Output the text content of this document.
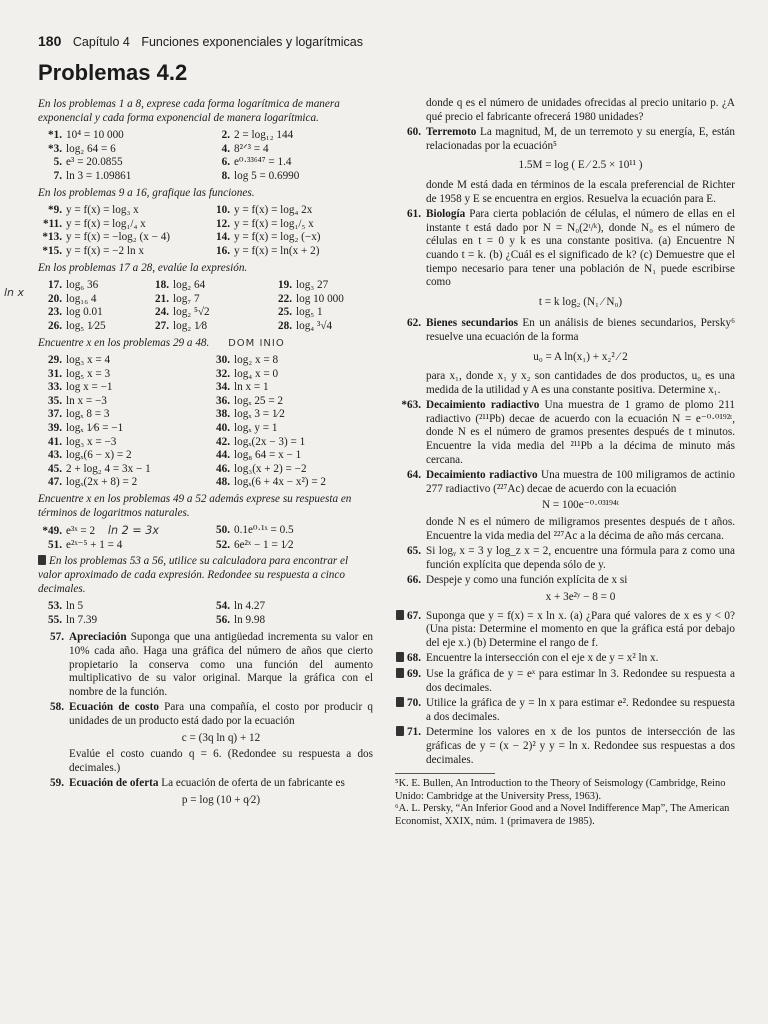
180 Capítulo 4 Funciones exponenciales y logarítmicas
Problemas 4.2
En los problemas 1 a 8, exprese cada forma logarítmica de manera exponencial y cada forma exponencial de manera logarítmica.
*1. 10⁴ = 10 000	2. 2 = log₁₂ 144
*3. log₂ 64 = 6	4. 8²ᐟ³ = 4
5. e³ = 20.0855	6. e⁰·³³⁶⁴⁷ = 1.4
7. ln 3 = 1.09861	8. log 5 = 0.6990
En los problemas 9 a 16, grafique las funciones.
*9. y = f(x) = log₃ x	10. y = f(x) = log₄ 2x
*11. y = f(x) = log₁/₄ x	12. y = f(x) = log₁/₅ x
*13. y = f(x) = −log₂ (x − 4)	14. y = f(x) = log₂ (−x)
*15. y = f(x) = −2 ln x	16. y = f(x) = ln(x + 2)
En los problemas 17 a 28, evalúe la expresión.
17. log₆ 36	18. log₂ 64	19. log₃ 27
20. log₁₆ 4	21. log₇ 7	22. log 10 000
23. log 0.01	24. log₂ ⁵√2	25. log₅ 1
26. log₅ 1⁄25	27. log₂ 1⁄8	28. log₄ ³√4
Encuentre x en los problemas 29 a 48. DOM INIO
29. log₃ x = 4	30. log₂ x = 8
31. log₅ x = 3	32. log₄ x = 0
33. log x = −1	34. ln x = 1
35. ln x = −3	36. logₓ 25 = 2
37. logₓ 8 = 3	38. logₓ 3 = 1⁄2
39. logₓ 1⁄6 = −1	40. logₓ y = 1
41. log₃ x = −3	42. logₓ(2x − 3) = 1
43. logₓ(6 − x) = 2	44. log₈ 64 = x − 1
45. 2 + log₂ 4 = 3x − 1	46. log₃(x + 2) = −2
47. logₓ(2x + 8) = 2	48. logₓ(6 + 4x − x²) = 2
Encuentre x en los problemas 49 a 52 además exprese su respuesta en términos de logaritmos naturales.
*49. e³ˣ = 2 ln 2 = 3x	50. 0.1e⁰·¹ˣ = 0.5
51. e²ˣ⁻⁵ + 1 = 4	52. 6e²ˣ − 1 = 1⁄2
En los problemas 53 a 56, utilice su calculadora para encontrar el valor aproximado de cada expresión. Redondee su respuesta a cinco decimales.
53. ln 5	54. ln 4.27
55. ln 7.39	56. ln 9.98
57. Apreciación Suponga que una antigüedad incrementa su valor en 10% cada año. Haga una gráfica del número de años que cierto propietario la conserva como una función del aumento multiplicativo de su valor original. Marque la gráfica con el nombre de la función.
58. Ecuación de costo Para una compañía, el costo por producir q unidades de un producto está dado por la ecuación
c = (3q ln q) + 12
Evalúe el costo cuando q = 6. (Redondee su respuesta a dos decimales.)
59. Ecuación de oferta La ecuación de oferta de un fabricante es
p = log (10 + q⁄2)
donde q es el número de unidades ofrecidas al precio unitario p. ¿A qué precio el fabricante ofrecerá 1980 unidades?
60. Terremoto La magnitud, M, de un terremoto y su energía, E, están relacionadas por la ecuación⁵
1.5M = log ( E ⁄ 2.5 × 10¹¹ )
donde M está dada en términos de la escala preferencial de Richter de 1958 y E se encuentra en ergios. Resuelva la ecuación para E.
61. Biología Para cierta población de células, el número de ellas en el instante t está dado por N = N₀(2ᵗ/ᵏ), donde N₀ es el número de células en t = 0 y k es una constante positiva. (a) Encuentre N cuando t = k. (b) ¿Cuál es el significado de k? (c) Demuestre que el tiempo necesario para tener una población de N₁ puede escribirse como
t = k log₂ (N₁ ⁄ N₀)
62. Bienes secundarios En un análisis de bienes secundarios, Persky⁶ resuelve una ecuación de la forma
u₀ = A ln(x₁) + x₂² ⁄ 2
para x₁, donde x₁ y x₂ son cantidades de dos productos, u₀ es una medida de la utilidad y A es una constante positiva. Determine x₁.
*63. Decaimiento radiactivo Una muestra de 1 gramo de plomo 211 radiactivo (²¹¹Pb) decae de acuerdo con la ecuación N = e⁻⁰·⁰¹⁹²ᵗ, donde N es el número de gramos presentes después de t minutos. Encuentre la vida media del ²¹¹Pb a la décima de minuto más cercana.
64. Decaimiento radiactivo Una muestra de 100 miligramos de actinio 277 radiactivo (²²⁷Ac) decae de acuerdo con la ecuación
N = 100e⁻⁰·⁰³¹⁹⁴ᵗ
donde N es el número de miligramos presentes después de t años. Encuentre la vida media del ²²⁷Ac a la décima de año más cercana.
65. Si logᵧ x = 3 y log_z x = 2, encuentre una fórmula para z como una función explícita que dependa sólo de y.
66. Despeje y como una función explícita de x si
x + 3e²ʸ − 8 = 0
67. Suponga que y = f(x) = x ln x. (a) ¿Para qué valores de x es y < 0? (Una pista: Determine el momento en que la gráfica está por debajo del eje x.) (b) Determine el rango de f.
68. Encuentre la intersección con el eje x de y = x² ln x.
69. Use la gráfica de y = eˣ para estimar ln 3. Redondee su respuesta a dos decimales.
70. Utilice la gráfica de y = ln x para estimar e². Redondee su respuesta a dos decimales.
71. Determine los valores en x de los puntos de intersección de las gráficas de y = (x − 2)² y y = ln x. Redondee sus respuestas a dos decimales.
⁵K. E. Bullen, An Introduction to the Theory of Seismology (Cambridge, Reino Unido: Cambridge at the University Press, 1963).
⁶A. L. Persky, “An Inferior Good and a Novel Indifference Map”, The American Economist, XXIX, núm. 1 (primavera de 1985).
ln x
